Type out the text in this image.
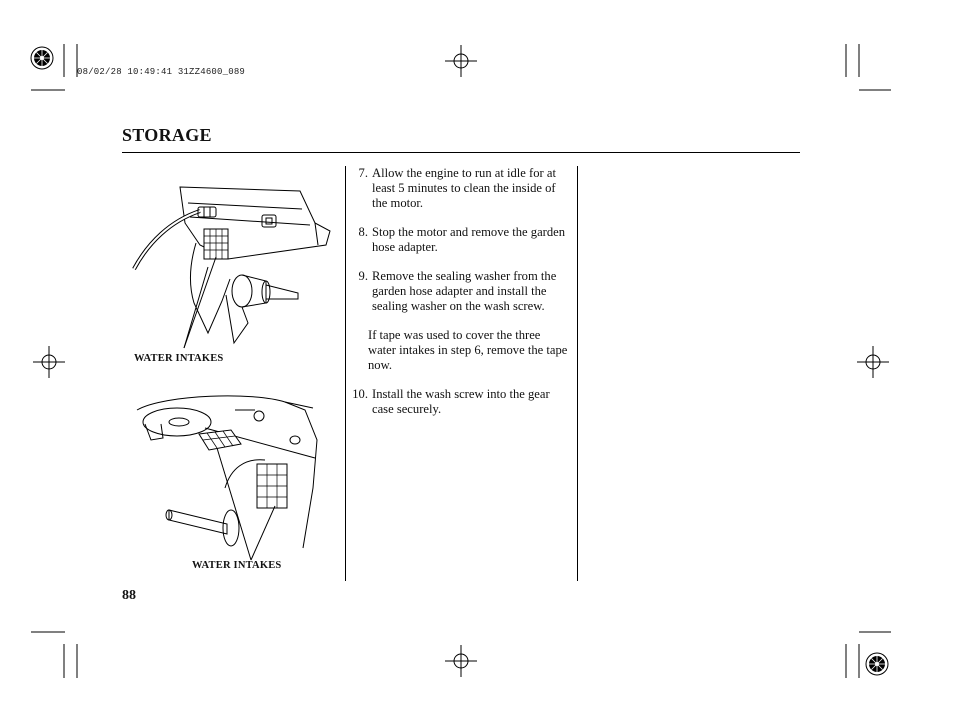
08/02/28 10:49:41 31ZZ4600_089
STORAGE
WATER INTAKES
WATER INTAKES
7. Allow the engine to run at idle for at least 5 minutes to clean the inside of the motor.
8. Stop the motor and remove the garden hose adapter.
9. Remove the sealing washer from the garden hose adapter and install the sealing washer on the wash screw.
If tape was used to cover the three water intakes in step 6, remove the tape now.
10. Install the wash screw into the gear case securely.
88
